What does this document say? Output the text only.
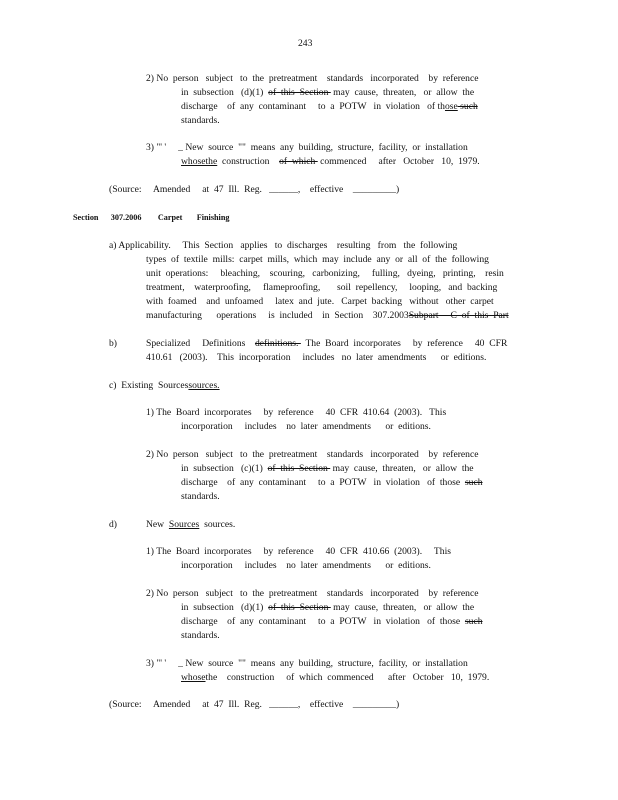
243
2) No  person   subject   to  the  pretreatment    standards   incorporated    by  reference
in  subsection   (d)(1)  of  this  Section  may  cause,  threaten,   or  allow  the
discharge    of  any  contaminant     to  a  POTW   in  violation   of those such
standards.
3) "' '     _ New  source  ""  means  any  building,  structure,  facility,  or  installation
whosethe  construction    of  which  commenced     after   October   10,  1979.
(Source:     Amended     at  47  Ill.  Reg.   ______,    effective    _________)
Section      307.2006        Carpet       Finishing
a) Applicability.     This  Section   applies   to  discharges    resulting   from   the  following
types  of  textile  mills:  carpet  mills,  which  may  include  any  or  all  of  the  following
unit  operations:     bleaching,    scouring,   carbonizing,     fulling,   dyeing,   printing,    resin
treatment,    waterproofing,     flameproofing,       soil  repellency,     looping,   and  backing
with  foamed    and  unfoamed     latex  and  jute.   Carpet  backing   without   other  carpet
manufacturing      operations     is  included    in  Section    307.2003Subpart     C  of  this  Part
b)	Specialized     Definitions    definitions.   The  Board  incorporates     by  reference     40  CFR
410.61   (2003).    This  incorporation     includes   no  later  amendments      or  editions.
c)  Existing  Sourcessources.
1) The  Board  incorporates     by  reference     40  CFR  410.64  (2003).   This
incorporation     includes    no  later  amendments      or  editions.
2) No  person   subject   to  the  pretreatment    standards   incorporated    by  reference
in  subsection   (c)(1)  of  this  Section  may  cause,  threaten,   or  allow  the
discharge    of  any  contaminant     to  a  POTW   in  violation   of  those  such
standards.
d)	New  Sources  sources.
1) The  Board  incorporates     by  reference     40  CFR  410.66  (2003).     This
incorporation     includes    no  later  amendments      or  editions.
2) No  person   subject   to  the  pretreatment    standards   incorporated    by  reference
in  subsection   (d)(1)  of  this  Section  may  cause,  threaten,   or  allow  the
discharge    of  any  contaminant     to  a  POTW   in  violation   of  those  such
standards.
3) "' '     _ New  source  ""  means  any  building,  structure,  facility,  or  installation
whosethe    construction     of  which  commenced      after   October   10,  1979.
(Source:     Amended     at  47  Ill.  Reg.   ______,    effective    _________)
